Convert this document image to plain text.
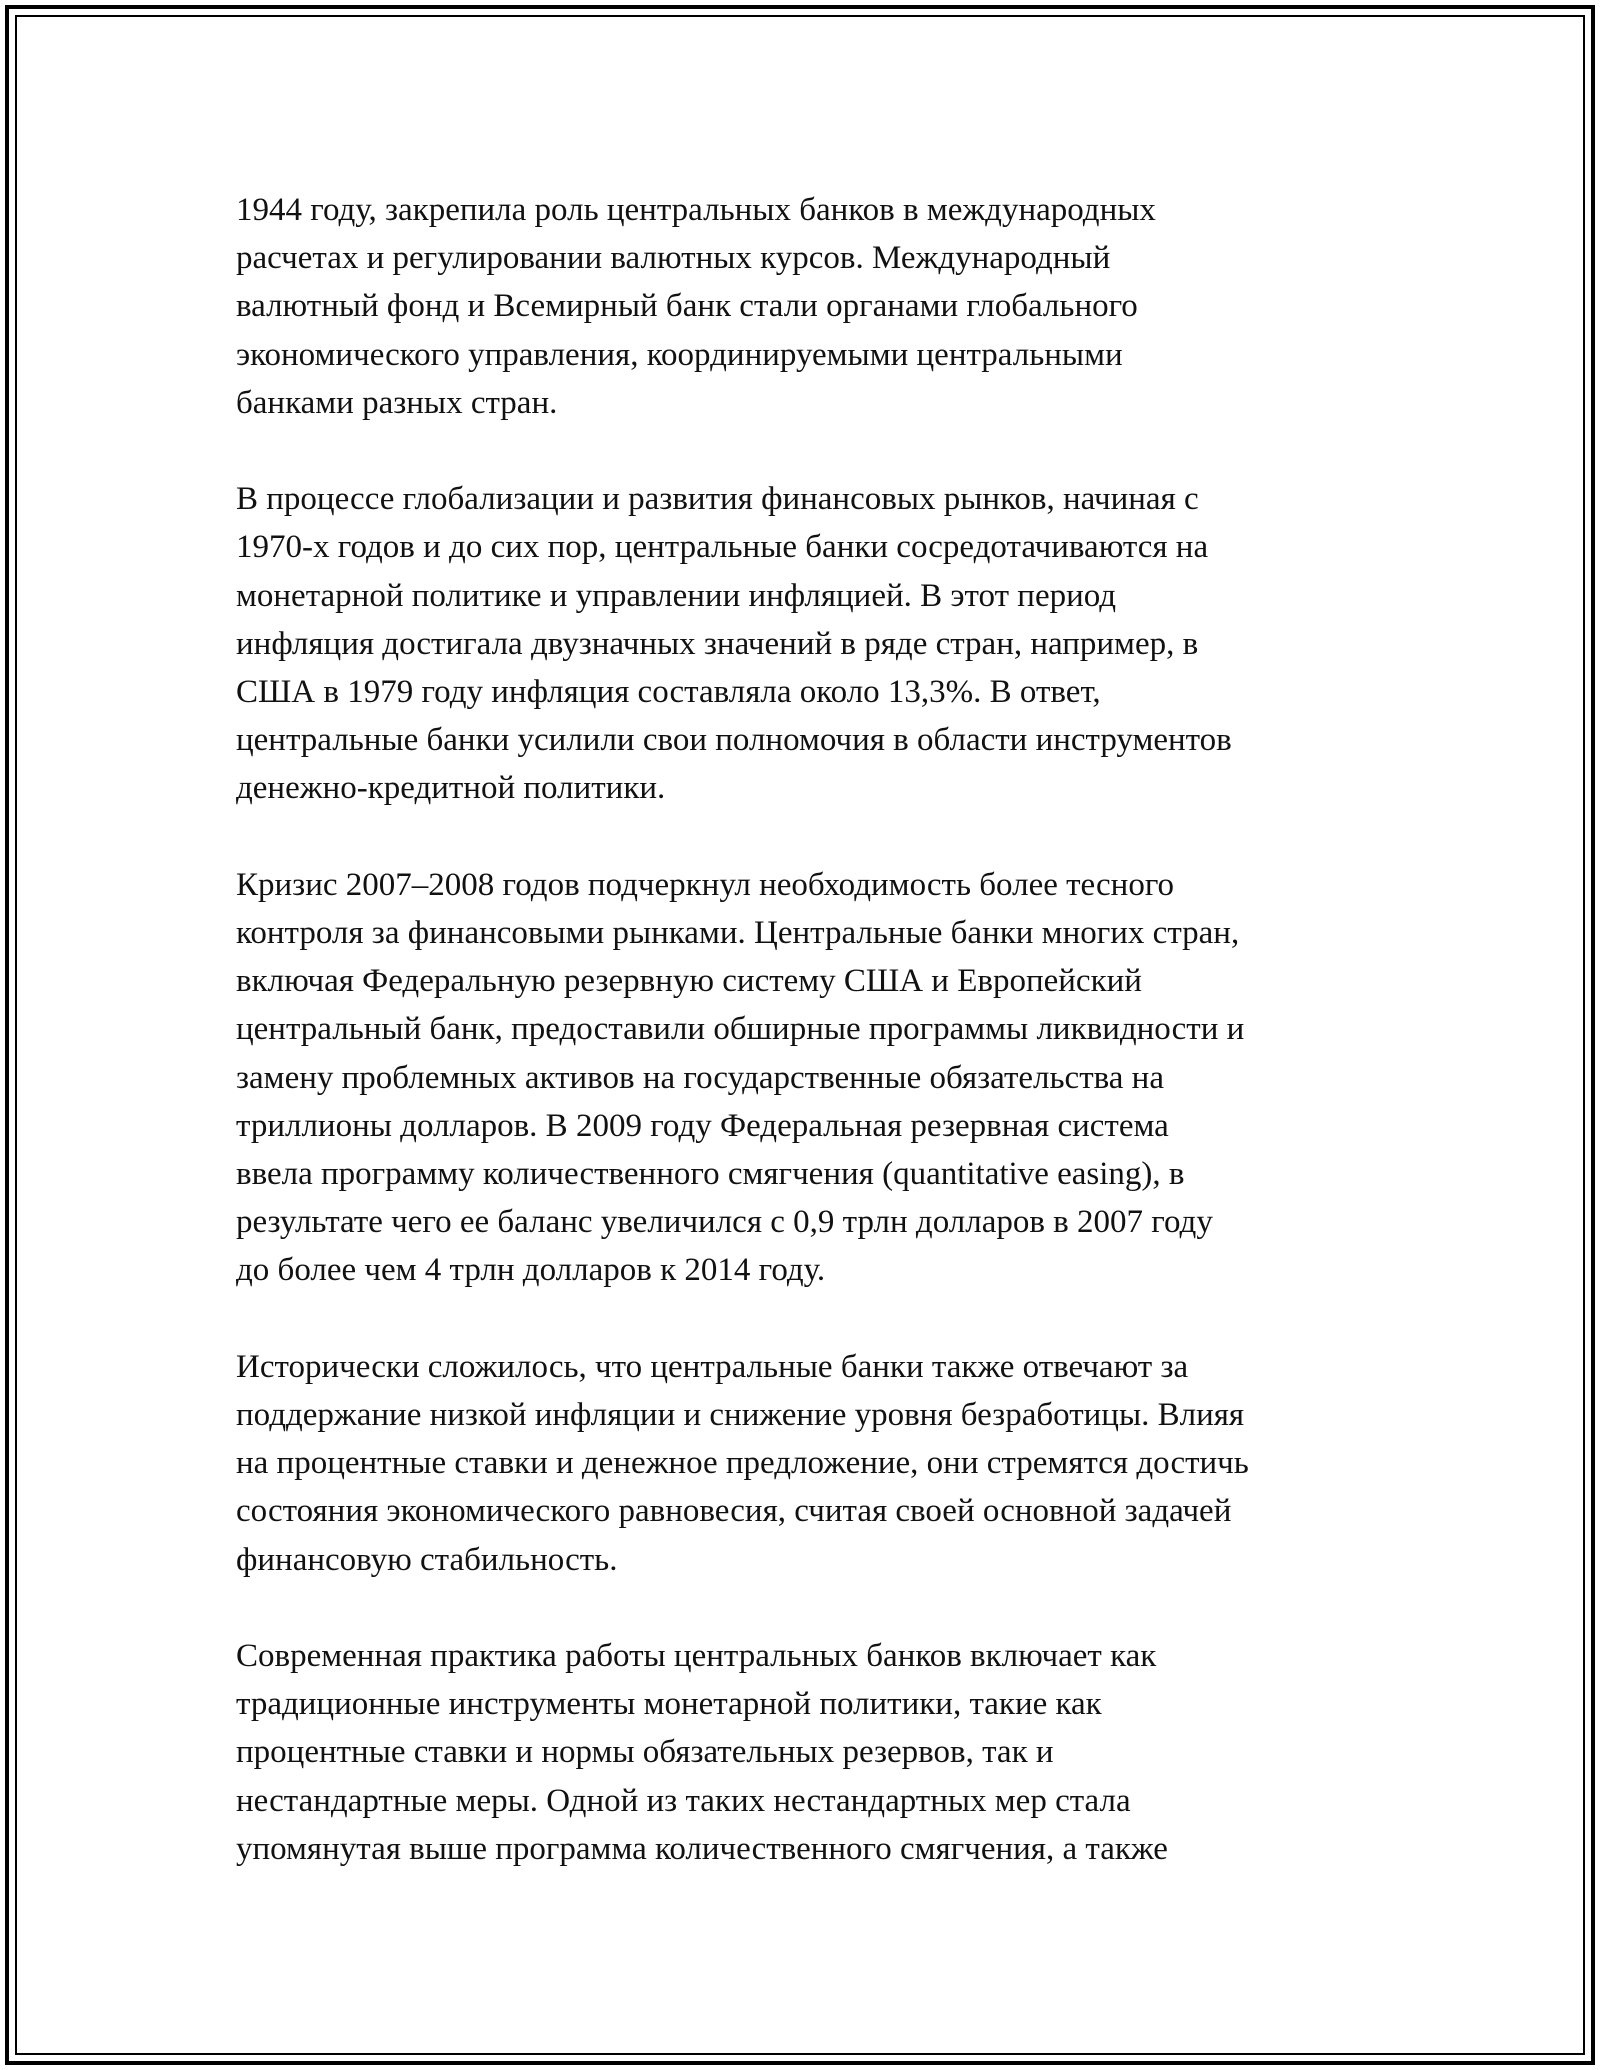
1944 году, закрепила роль центральных банков в международных
расчетах и регулировании валютных курсов. Международный
валютный фонд и Всемирный банк стали органами глобального
экономического управления, координируемыми центральными
банками разных стран.

В процессе глобализации и развития финансовых рынков, начиная с
1970-х годов и до сих пор, центральные банки сосредотачиваются на
монетарной политике и управлении инфляцией. В этот период
инфляция достигала двузначных значений в ряде стран, например, в
США в 1979 году инфляция составляла около 13,3%. В ответ,
центральные банки усилили свои полномочия в области инструментов
денежно-кредитной политики.

Кризис 2007–2008 годов подчеркнул необходимость более тесного
контроля за финансовыми рынками. Центральные банки многих стран,
включая Федеральную резервную систему США и Европейский
центральный банк, предоставили обширные программы ликвидности и
замену проблемных активов на государственные обязательства на
триллионы долларов. В 2009 году Федеральная резервная система
ввела программу количественного смягчения (quantitative easing), в
результате чего ее баланс увеличился с 0,9 трлн долларов в 2007 году
до более чем 4 трлн долларов к 2014 году.

Исторически сложилось, что центральные банки также отвечают за
поддержание низкой инфляции и снижение уровня безработицы. Влияя
на процентные ставки и денежное предложение, они стремятся достичь
состояния экономического равновесия, считая своей основной задачей
финансовую стабильность.

Современная практика работы центральных банков включает как
традиционные инструменты монетарной политики, такие как
процентные ставки и нормы обязательных резервов, так и
нестандартные меры. Одной из таких нестандартных мер стала
упомянутая выше программа количественного смягчения, а также
